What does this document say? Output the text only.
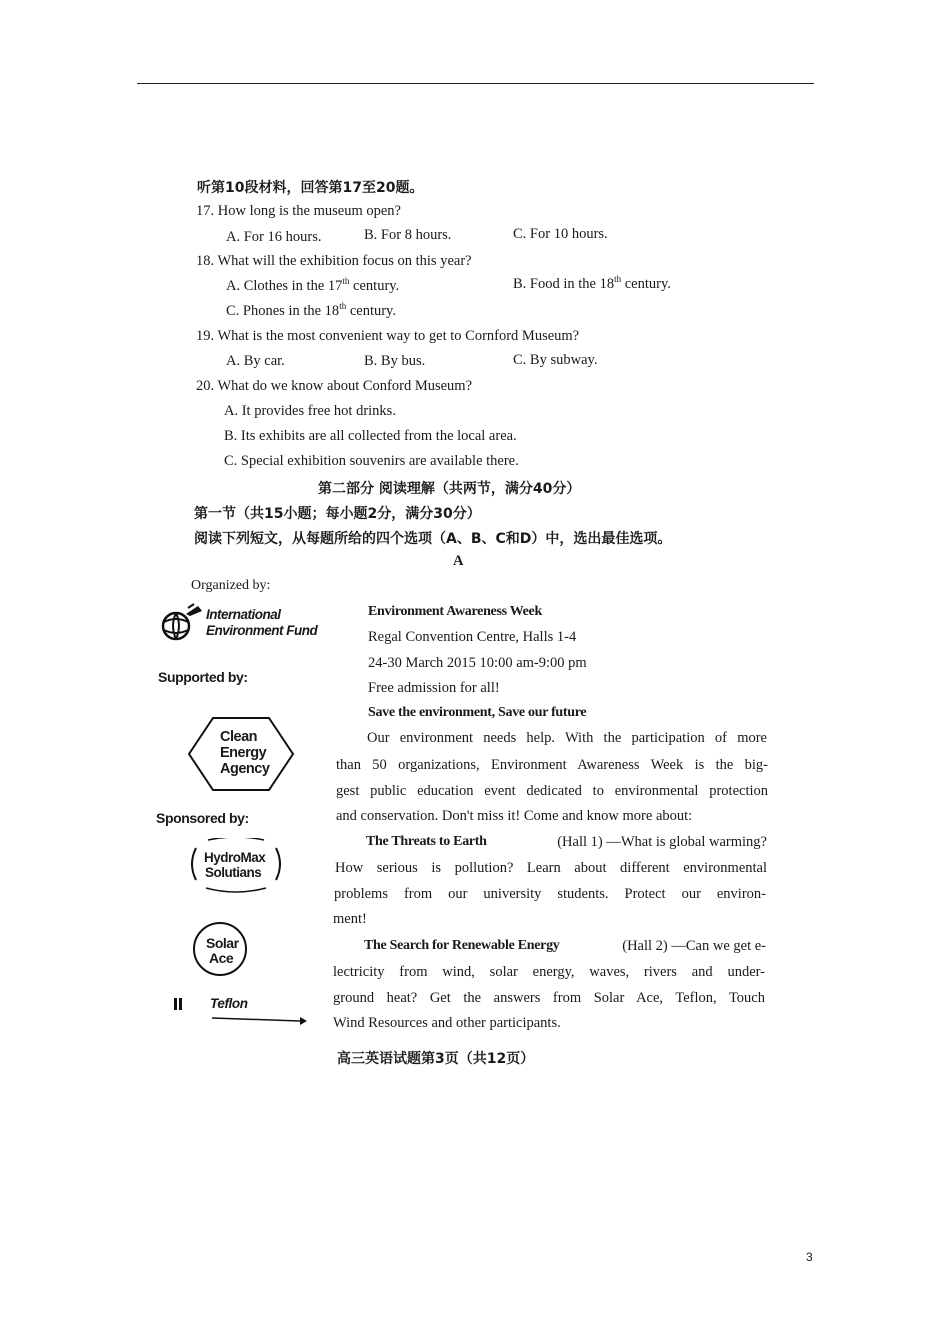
听第10段材料，回答第17至20题。
17. How long is the museum open?
A. For 16 hours.	B. For 8 hours.	C. For 10 hours.
18. What will the exhibition focus on this year?
A. Clothes in the 17th century.	B. Food in the 18th century.
C. Phones in the 18th century.
19. What is the most convenient way to get to Cornford Museum?
A. By car.	B. By bus.	C. By subway.
20. What do we know about Conford Museum?
A. It provides free hot drinks.
B. Its exhibits are all collected from the local area.
C. Special exhibition souvenirs are available there.
第二部分 阅读理解（共两节，满分40分）
第一节（共15小题；每小题2分，满分30分）
阅读下列短文，从每题所给的四个选项（A、B、C和D）中，选出最佳选项。
A
Organized by:
International
Environment Fund
Supported by:
Clean
Energy
Agency
Sponsored by:
HydroMax
Solutians
Solar
Ace
Teflon
Environment Awareness Week
Regal Convention Centre, Halls 1-4
24-30 March 2015 10:00 am-9:00 pm
Free admission for all!
Save the environment, Save our future
Our environment needs help. With the participation of more
than 50 organizations, Environment Awareness Week is the big-
gest public education event dedicated to environmental protection
and conservation. Don't miss it! Come and know more about:
The Threats to Earth	(Hall 1) —What is global warming?
How serious is pollution? Learn about different environmental
problems from our university students. Protect our environ-
ment!
The Search for Renewable Energy	(Hall 2) —Can we get e-
lectricity from wind, solar energy, waves, rivers and under-
ground heat? Get the answers from Solar Ace, Teflon, Touch
Wind Resources and other participants.
高三英语试题第3页（共12页）
3
